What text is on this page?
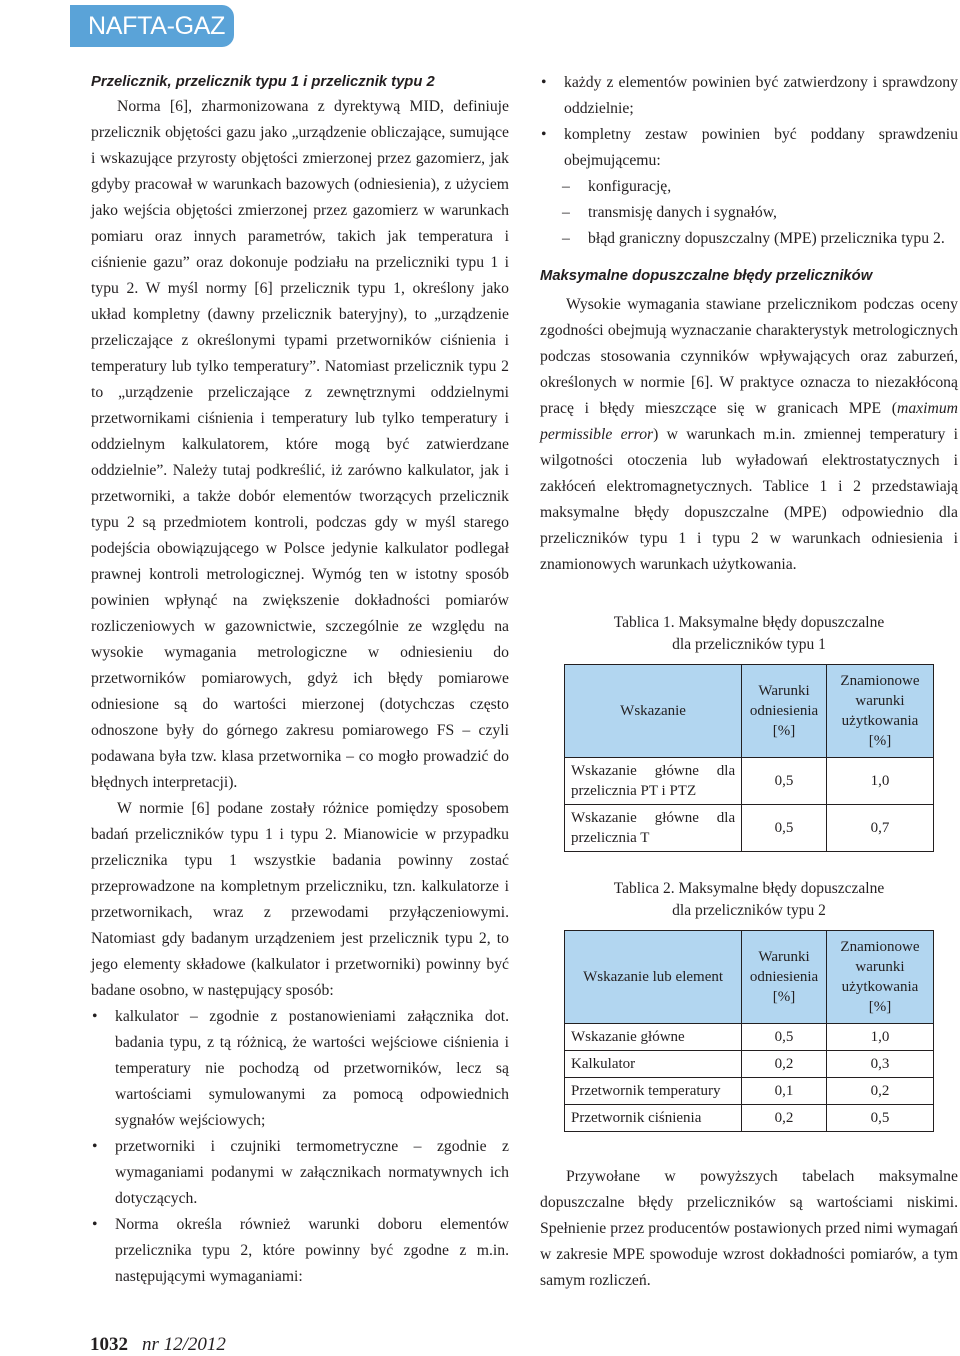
NAFTA-GAZ
Przelicznik, przelicznik typu 1 i przelicznik typu 2

Norma [6], zharmonizowana z dyrektywą MID, definiuje przelicznik objętości gazu jako „urządzenie obliczające, sumujące i wskazujące przyrosty objętości zmierzonej przez gazomierz, jak gdyby pracował w warunkach bazowych (odniesienia), z użyciem jako wejścia objętości zmierzonej przez gazomierz w warunkach pomiaru oraz innych parametrów, takich jak temperatura i ciśnienie gazu” oraz dokonuje podziału na przeliczniki typu 1 i typu 2. W myśl normy [6] przelicznik typu 1, określony jako układ kompletny (dawny przelicznik bateryjny), to „urządzenie przeliczające z określonymi typami przetworników ciśnienia i temperatury lub tylko temperatury”. Natomiast przelicznik typu 2 to „urządzenie przeliczające z zewnętrznymi oddzielnymi przetwornikami ciśnienia i temperatury lub tylko temperatury i oddzielnym kalkulatorem, które mogą być zatwierdzane oddzielnie”. Należy tutaj podkreślić, iż zarówno kalkulator, jak i przetworniki, a także dobór elementów tworzących przelicznik typu 2 są przedmiotem kontroli, podczas gdy w myśl starego podejścia obowiązującego w Polsce jedynie kalkulator podlegał prawnej kontroli metrologicznej. Wymóg ten w istotny sposób powinien wpłynąć na zwiększenie dokładności pomiarów rozliczeniowych w gazownictwie, szczególnie ze względu na wysokie wymagania metrologiczne w odniesieniu do przetworników pomiarowych, gdyż ich błędy pomiarowe odniesione są do wartości mierzonej (dotychczas często odnoszone były do górnego zakresu pomiarowego FS – czyli podawana była tzw. klasa przetwornika – co mogło prowadzić do błędnych interpretacji).

W normie [6] podane zostały różnice pomiędzy sposobem badań przeliczników typu 1 i typu 2. Mianowicie w przypadku przelicznika typu 1 wszystkie badania powinny zostać przeprowadzone na kompletnym przeliczniku, tzn. kalkulatorze i przetwornikach, wraz z przewodami przyłączeniowymi. Natomiast gdy badanym urządzeniem jest przelicznik typu 2, to jego elementy składowe (kalkulator i przetworniki) powinny być badane osobno, w następujący sposób:

• kalkulator – zgodnie z postanowieniami załącznika dot. badania typu, z tą różnicą, że wartości wejściowe ciśnienia i temperatury nie pochodzą od przetworników, lecz są wartościami symulowanymi za pomocą odpowiednich sygnałów wejściowych;
• przetworniki i czujniki termometryczne – zgodnie z wymaganiami podanymi w załącznikach normatywnych ich dotyczących.
• Norma określa również warunki doboru elementów przelicznika typu 2, które powinny być zgodne z m.in. następującymi wymaganiami:
• każdy z elementów powinien być zatwierdzony i sprawdzony oddzielnie;
• kompletny zestaw powinien być poddany sprawdzeniu obejmującemu:
– konfigurację,
– transmisję danych i sygnałów,
– błąd graniczny dopuszczalny (MPE) przelicznika typu 2.
Maksymalne dopuszczalne błędy przeliczników

Wysokie wymagania stawiane przelicznikom podczas oceny zgodności obejmują wyznaczanie charakterystyk metrologicznych podczas stosowania czynników wpływających oraz zaburzeń, określonych w normie [6]. W praktyce oznacza to niezakłóconą pracę i błędy mieszczące się w granicach MPE (maximum permissible error) w warunkach m.in. zmiennej temperatury i wilgotności otoczenia lub wyładowań elektrostatycznych i zakłóceń elektromagnetycznych. Tablice 1 i 2 przedstawiają maksymalne błędy dopuszczalne (MPE) odpowiednio dla przeliczników typu 1 i typu 2 w warunkach odniesienia i znamionowych warunkach użytkowania.

Tablica 1. Maksymalne błędy dopuszczalne
dla przeliczników typu 1
Wskazanie	Warunki odniesienia [%]	Znamionowe warunki użytkowania [%]
Wskazanie główne dla przelicznia PT i PTZ	0,5	1,0
Wskazanie główne dla przelicznia T	0,5	0,7
Tablica 2. Maksymalne błędy dopuszczalne
dla przeliczników typu 2
Wskazanie lub element	Warunki odniesienia [%]	Znamionowe warunki użytkowania [%]
Wskazanie główne	0,5	1,0
Kalkulator	0,2	0,3
Przetwornik temperatury	0,1	0,2
Przetwornik ciśnienia	0,2	0,5

Przywołane w powyższych tabelach maksymalne dopuszczalne błędy przeliczników są wartościami niskimi. Spełnienie przez producentów postawionych przed nimi wymagań w zakresie MPE spowoduje wzrost dokładności pomiarów, a tym samym rozliczeń.

1032 nr 12/2012
